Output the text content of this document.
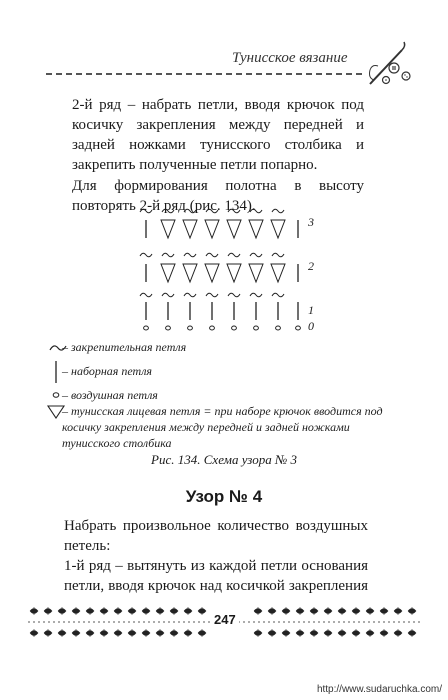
Тунисское вязание

2-й ряд – набрать петли, вводя крючок под косичку закрепления между передней и задней ножками тунисского столбика и закрепить полученные петли попарно.

Для формирования полотна в высоту повторять 2-й ряд (рис. 134).

3
2
1
0
– закрепительная петля
– наборная петля
– воздушная петля
– тунисская лицевая петля = при наборе крючок вводится под косичку закрепления между передней и задней ножками тунисского столбика
Рис. 134. Схема узора № 3
Узор № 4

Набрать произвольное количество воздушных петель:

1-й ряд – вытянуть из каждой петли основания петли, вводя крючок над косичкой закрепления

247
http://www.sudaruchka.com/
